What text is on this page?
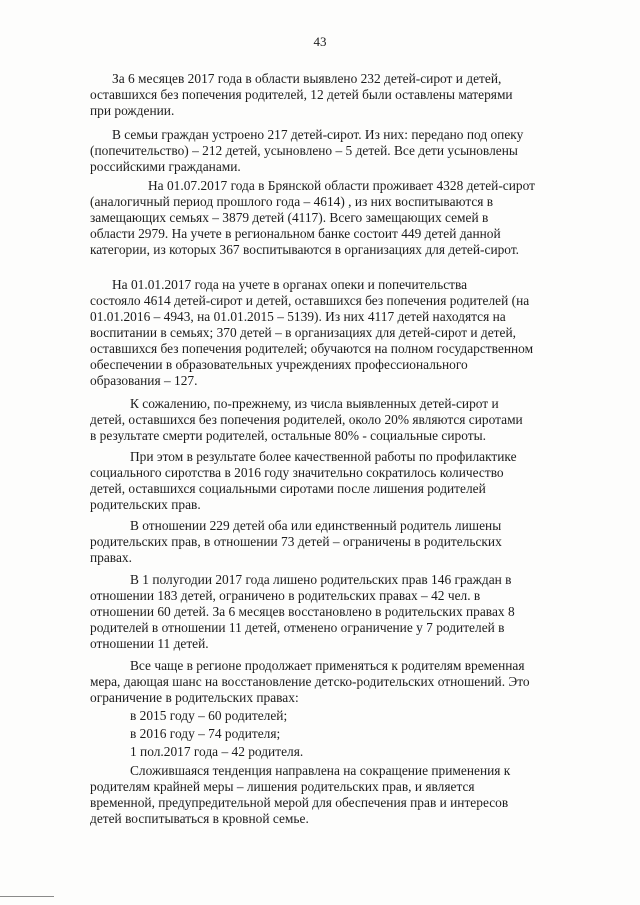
43

За 6 месяцев 2017 года в области выявлено 232 детей-сирот и детей,

оставшихся без попечения родителей, 12 детей были оставлены матерями

при рождении.

В семьи граждан устроено 217 детей-сирот. Из них: передано под опеку

(попечительство) – 212 детей, усыновлено – 5 детей. Все дети усыновлены

российскими гражданами.

На 01.07.2017 года в Брянской области проживает 4328 детей-сирот

(аналогичный период прошлого года – 4614) , из них воспитываются в

замещающих семьях – 3879 детей (4117). Всего замещающих семей в

области 2979. На учете в региональном банке состоит 449 детей данной

категории, из которых 367 воспитываются в организациях для детей-сирот.

На 01.01.2017 года на учете в органах опеки и попечительства

состояло 4614 детей-сирот и детей, оставшихся без попечения родителей (на

01.01.2016 – 4943, на 01.01.2015 – 5139). Из них 4117 детей находятся на

воспитании в семьях; 370 детей – в организациях для детей-сирот и детей,

оставшихся без попечения родителей; обучаются на полном государственном

обеспечении в образовательных учреждениях профессионального

образования – 127.

К сожалению, по-прежнему, из числа выявленных детей-сирот и

детей, оставшихся без попечения родителей, около 20% являются сиротами

в результате смерти родителей, остальные 80% - социальные сироты.

При этом в результате более качественной работы по профилактике

социального сиротства в 2016 году значительно сократилось количество

детей, оставшихся социальными сиротами после лишения родителей

родительских прав.

В отношении 229 детей оба или единственный родитель лишены

родительских прав, в отношении 73 детей – ограничены в родительских

правах.

В 1 полугодии 2017 года лишено родительских прав 146 граждан в

отношении 183 детей, ограничено в родительских правах – 42 чел. в

отношении 60 детей. За 6 месяцев восстановлено в родительских правах 8

родителей в отношении 11 детей, отменено ограничение у 7 родителей в

отношении 11 детей.

Все чаще в регионе продолжает применяться к родителям временная

мера, дающая шанс на восстановление детско-родительских отношений. Это

ограничение в родительских правах:

в 2015 году – 60 родителей;

в 2016 году – 74 родителя;

1 пол.2017 года – 42 родителя.

Сложившаяся тенденция направлена на сокращение применения к

родителям крайней меры – лишения родительских прав, и является

временной, предупредительной мерой для обеспечения прав и интересов

детей воспитываться в кровной семье.
